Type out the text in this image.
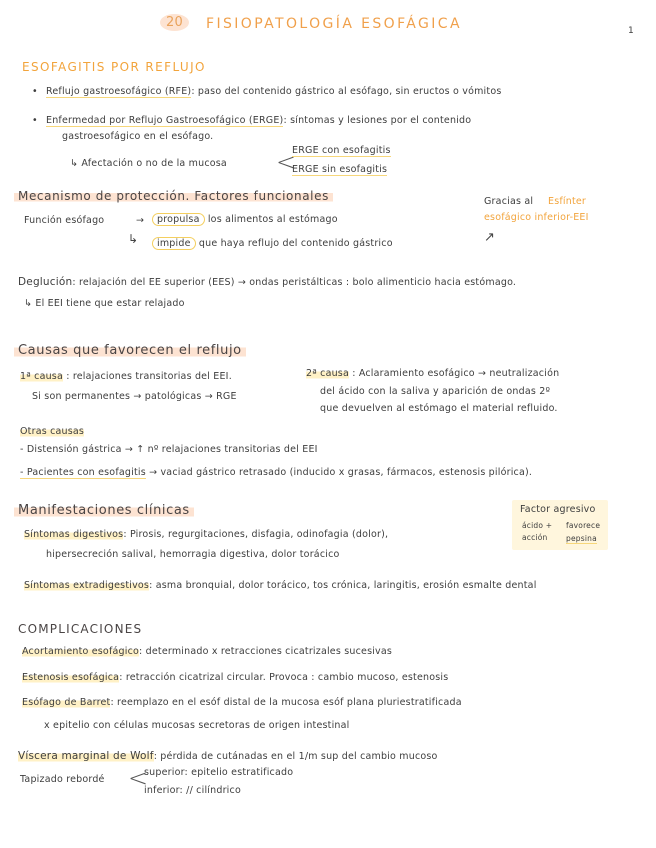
20	FISIOPATOLOGÍA ESOFÁGICA	1
ESOFAGITIS POR REFLUJO
• Reflujo gastroesofágico (RFE): paso del contenido gástrico al esófago, sin eructos o vómitos
• Enfermedad por Reflujo Gastroesofágico (ERGE): síntomas y lesiones por el contenido
gastroesofágico en el esófago.
↳ Afectación o no de la mucosa <
ERGE con esofagitis
ERGE sin esofagitis
Mecanismo de protección. Factores funcionales
Función esófago	→	propulsa los alimentos al estómago
↳	impide que haya reflujo del contenido gástrico
Gracias al Esfínter
esofágico inferior-EEI
↗
Deglución: relajación del EE superior (EES) → ondas peristálticas : bolo alimenticio hacia estómago.
↳ El EEI tiene que estar relajado
Causas que favorecen el reflujo
1ª causa : relajaciones transitorias del EEI.
Si son permanentes → patológicas → RGE
2ª causa : Aclaramiento esofágico → neutralización
del ácido con la saliva y aparición de ondas 2º
que devuelven al estómago el material refluido.
Otras causas
- Distensión gástrica → ↑ nº relajaciones transitorias del EEI
- Pacientes con esofagitis → vaciad gástrico retrasado (inducido x grasas, fármacos, estenosis pilórica).
Manifestaciones clínicas
Síntomas digestivos: Pirosis, regurgitaciones, disfagia, odinofagia (dolor),
hipersecreción salival, hemorragia digestiva, dolor torácico
Síntomas extradigestivos: asma bronquial, dolor torácico, tos crónica, laringitis, erosión esmalte dental
Factor agresivo
ácido +
acción
favorece
pepsina
COMPLICACIONES
Acortamiento esofágico: determinado x retracciones cicatrizales sucesivas
Estenosis esofágica: retracción cicatrizal circular. Provoca : cambio mucoso, estenosis
Esófago de Barret: reemplazo en el esóf distal de la mucosa esóf plana pluriestratificada
x epitelio con células mucosas secretoras de origen intestinal
Víscera marginal de Wolf: pérdida de cutánadas en el 1/m sup del cambio mucoso
Tapizado rebordé <
superior: epitelio estratificado
inferior: // cilíndrico
